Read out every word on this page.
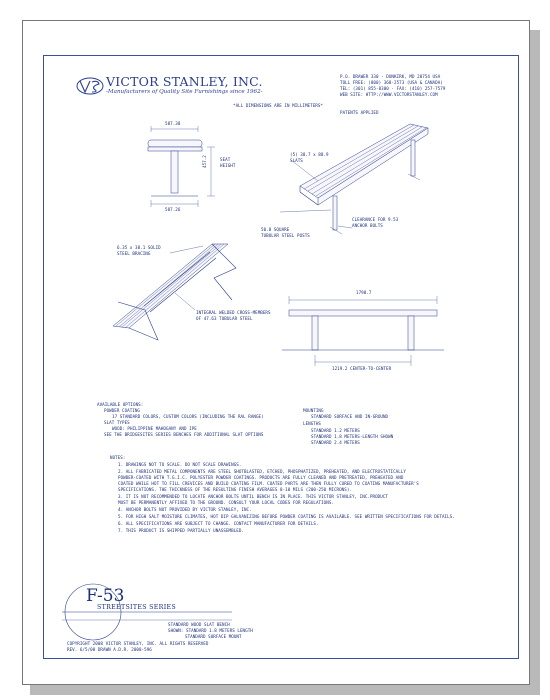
VICTOR STANLEY, INC.
-Manufacturers of Quality Site Furnishings since 1962-
P.O. DRAWER 330 · DUNKIRK, MD 20754 USA
TOLL FREE: (800) 368-2573 (USA & CANADA)
TEL: (301) 855-8300 · FAX: (410) 257-7579
WEB SITE: HTTP://WWW.VICTORSTANLEY.COM
*ALL DIMENSIONS ARE IN MILLIMETERS*
PATENTS APPLIED
587.38
587.26
457.2	SEAT
HEIGHT
(5) 38.7 x 88.9
SLATS
50.8 SQUARE
TUBULAR STEEL POSTS
CLEARANCE FOR 9.53
ANCHOR BOLTS
6.35 x 38.1 SOLID
STEEL BRACING
INTEGRAL WELDED CROSS-MEMBERS
OF 47.63 TUBULAR STEEL
1790.7
1219.2 CENTER-TO-CENTER
AVAILABLE OPTIONS:
POWDER COATING
17 STANDARD COLORS, CUSTOM COLORS (INCLUDING THE RAL RANGE)
SLAT TYPES
WOOD: PHILIPPINE MAHOGANY AND IPE
SEE THE BRIDGESITES SERIES BENCHES FOR ADDITIONAL SLAT OPTIONS
MOUNTING
STANDARD SURFACE AND IN-GROUND
LENGTHS
STANDARD 1.2 METERS
STANDARD 1.8 METERS-LENGTH SHOWN
STANDARD 2.4 METERS
NOTES:
1. DRAWINGS NOT TO SCALE. DO NOT SCALE DRAWINGS.
2. ALL FABRICATED METAL COMPONENTS ARE STEEL SHOTBLASTED, ETCHED, PHOSPHATIZED, PREHEATED, AND ELECTROSTATICALLY
POWDER-COATED WITH T.G.I.C. POLYESTER POWDER COATINGS. PRODUCTS ARE FULLY CLEANED AND PRETREATED, PREHEATED AND
COATED WHILE HOT TO FILL CREVICES AND BUILD COATING FILM. COATED PARTS ARE THEN FULLY CURED TO COATING MANUFACTURER'S
SPECIFICATIONS. THE THICKNESS OF THE RESULTING FINISH AVERAGES 8-10 MILS (200-250 MICRONS).
3. IT IS NOT RECOMMENDED TO LOCATE ANCHOR BOLTS UNTIL BENCH IS IN PLACE. THIS VICTOR STANLEY, INC.PRODUCT
MUST BE PERMANENTLY AFFIXED TO THE GROUND. CONSULT YOUR LOCAL CODES FOR REGULATIONS.
4. ANCHOR BOLTS NOT PROVIDED BY VICTOR STANLEY, INC.
5. FOR HIGH SALT MOISTURE CLIMATES, HOT DIP GALVANIZING BEFORE POWDER COATING IS AVAILABLE. SEE WRITTEN SPECIFICATIONS FOR DETAILS.
6. ALL SPECIFICATIONS ARE SUBJECT TO CHANGE. CONTACT MANUFACTURER FOR DETAILS.
7. THIS PRODUCT IS SHIPPED PARTIALLY UNASSEMBLED.
F-53
STREETSITES SERIES
STANDARD WOOD SLAT BENCH
SHOWN: STANDARD 1.8 METERS LENGTH
STANDARD SURFACE MOUNT
COPYRIGHT 2008 VICTOR STANLEY, INC. ALL RIGHTS RESERVED
REV. 6/5/08 DRAWN A.D.R. 2008-596
